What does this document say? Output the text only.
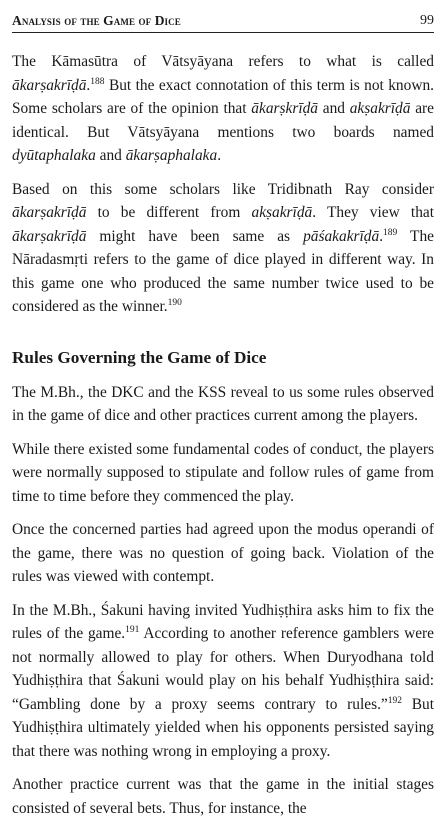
Analysis of the Game of Dice	99

The Kāmasūtra of Vātsyāyana refers to what is called ākarṣakrīḍā.$^{188}$ But the exact connotation of this term is not known. Some scholars are of the opinion that ākarṣkrīḍā and akṣakrīḍā are identical. But Vātsyāyana mentions two boards named dyūtaphalaka and ākarṣaphalaka.

Based on this some scholars like Tridibnath Ray consider ākarṣakrīḍā to be different from akṣakrīḍā. They view that ākarṣakrīḍā might have been same as pāśakakrīḍā.$^{189}$ The Nāradasmṛti refers to the game of dice played in different way. In this game one who produced the same number twice used to be considered as the winner.$^{190}$

Rules Governing the Game of Dice

The M.Bh., the DKC and the KSS reveal to us some rules observed in the game of dice and other practices current among the players.

While there existed some fundamental codes of conduct, the players were normally supposed to stipulate and follow rules of game from time to time before they commenced the play.

Once the concerned parties had agreed upon the modus operandi of the game, there was no question of going back. Violation of the rules was viewed with contempt.

In the M.Bh., Śakuni having invited Yudhiṣṭhira asks him to fix the rules of the game.$^{191}$ According to another reference gamblers were not normally allowed to play for others. When Duryodhana told Yudhiṣṭhira that Śakuni would play on his behalf Yudhiṣṭhira said: “Gambling done by a proxy seems contrary to rules.”$^{192}$ But Yudhiṣṭhira ultimately yielded when his opponents persisted saying that there was nothing wrong in employing a proxy.

Another practice current was that the game in the initial stages consisted of several bets. Thus, for instance, the
